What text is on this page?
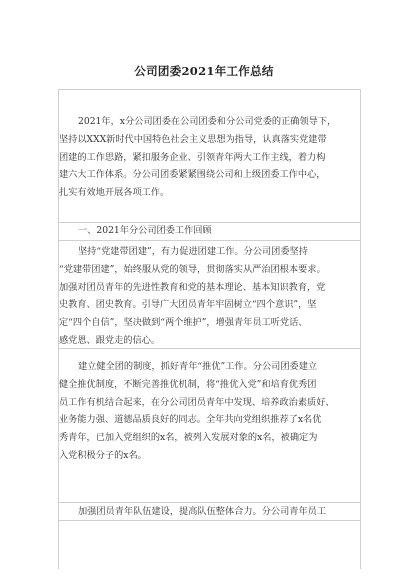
公司团委2021年工作总结
2021年，x分公司团委在公司团委和分公司党委的正确领导下，
坚持以XXX新时代中国特色社会主义思想为指导，认真落实党建带
团建的工作思路，紧扣服务企业、引领青年两大工作主线，着力构
建六大工作体系。分公司团委紧紧围绕公司和上级团委工作中心，
扎实有效地开展各项工作。
一、2021年分公司团委工作回顾
坚持“党建带团建”，有力促进团建工作。分公司团委坚持
“党建带团建”，始终服从党的领导，贯彻落实从严治团根本要求。
加强对团员青年的先进性教育和党的基本理论、基本知识教育，党
史教育、团史教育。引导广大团员青年牢固树立“四个意识”，坚
定“四个自信”，坚决做到“两个维护”，增强青年员工听党话、
感党恩、跟党走的信心。
建立健全团的制度，抓好青年“推优”工作。分公司团委建立
健全推优制度，不断完善推优机制，将“推优入党”和培育优秀团
员工作有机结合起来，在分公司团员青年中发现、培养政治素质好、
业务能力强、道德品质良好的同志。全年共向党组织推荐了x名优
秀青年，已加入党组织的x名，被列入发展对象的x名，被确定为
入党积极分子的x名。
加强团员青年队伍建设，提高队伍整体合力。分公司青年员工
